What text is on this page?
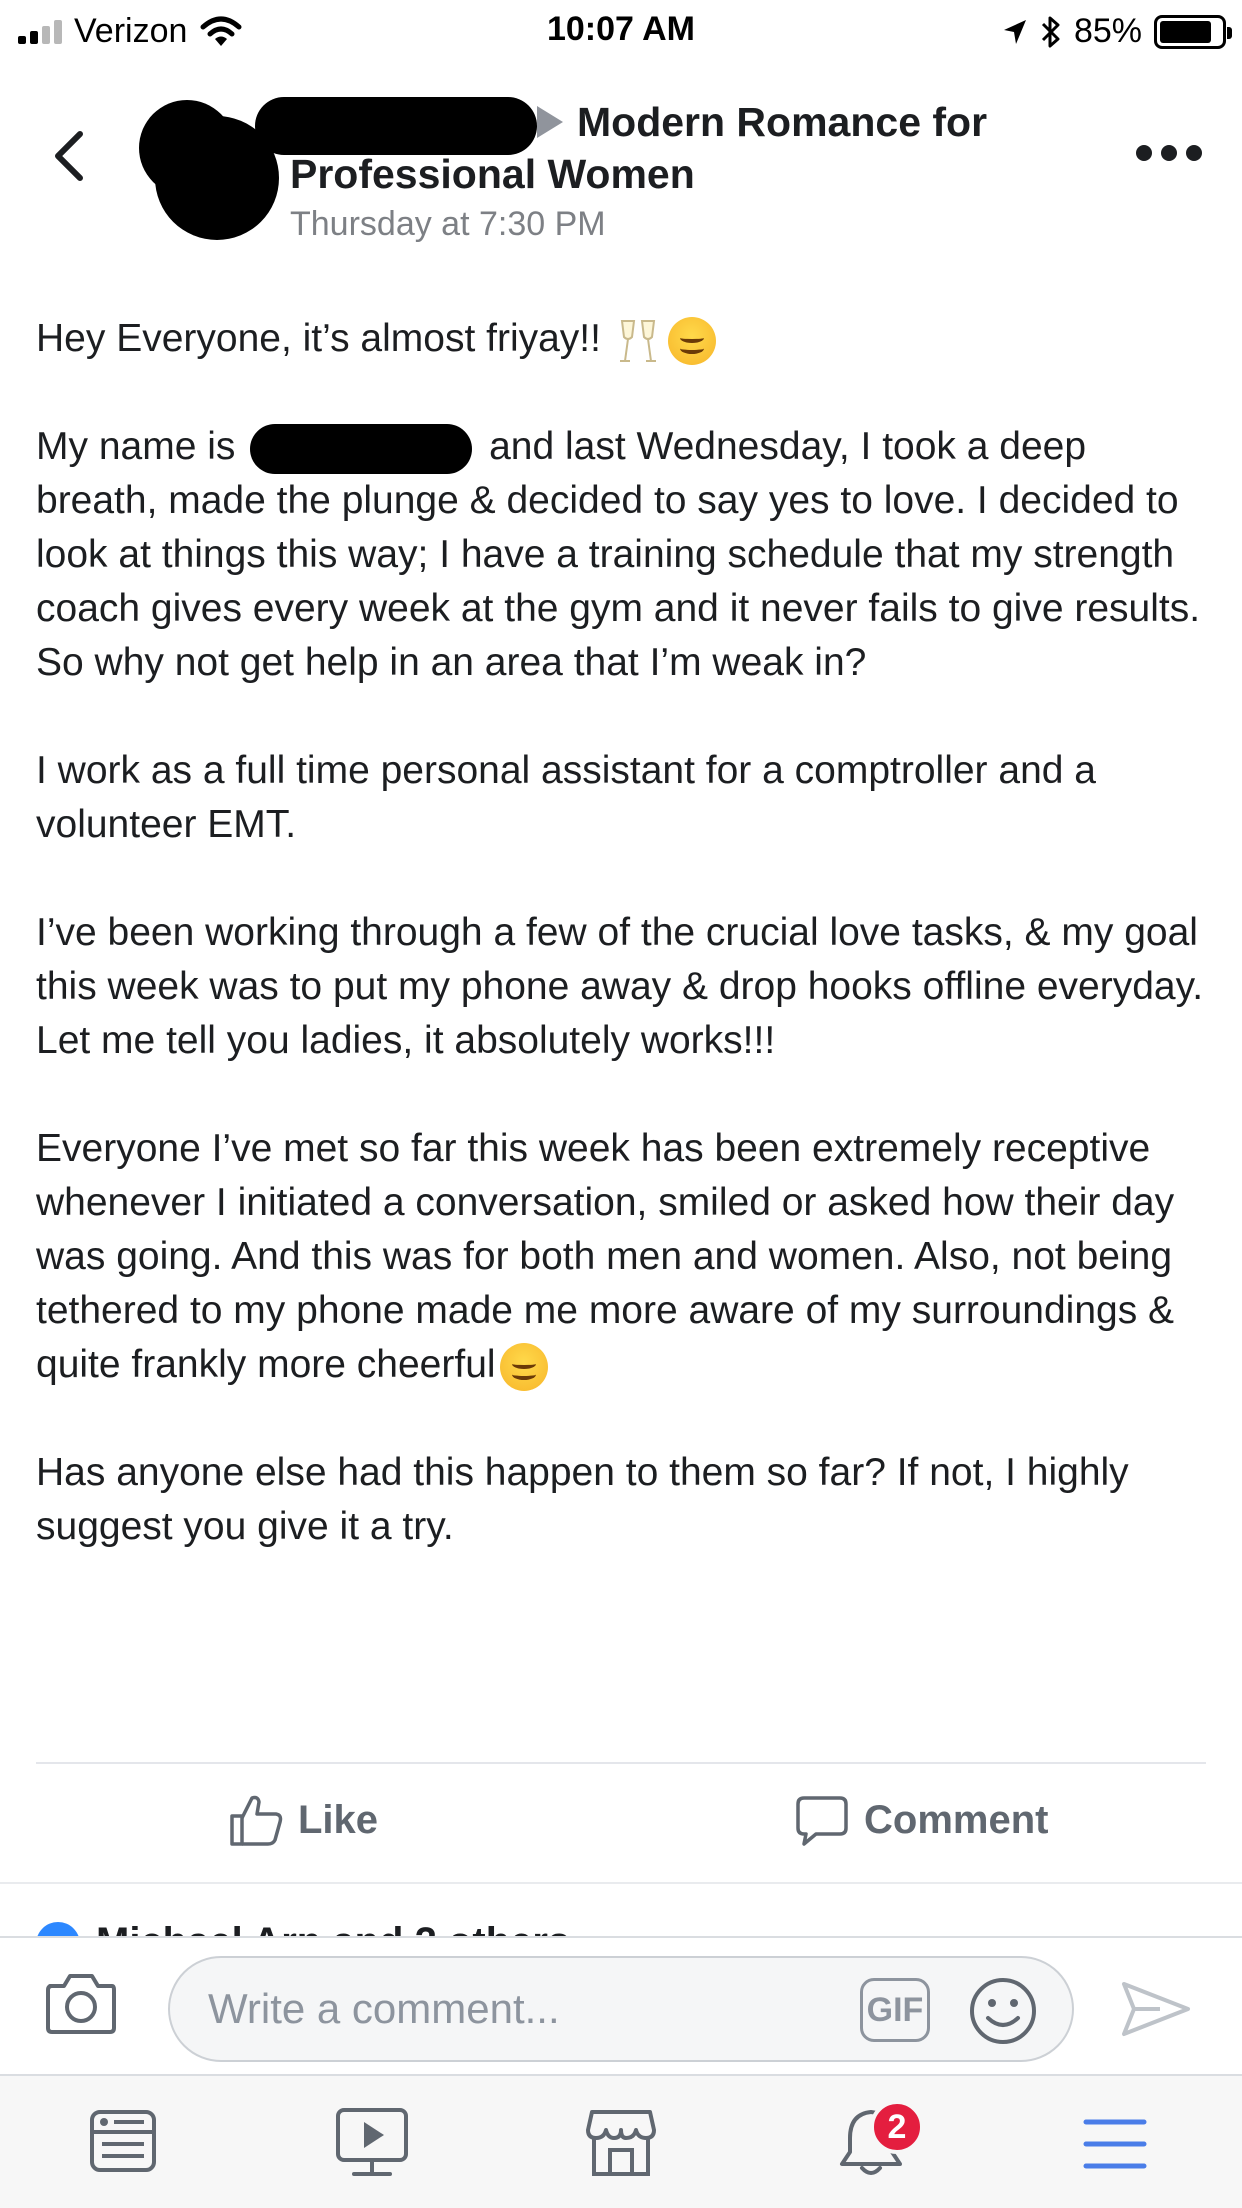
Verizon	10:07 AM	85%
Modern Romance for Professional Women
Thursday at 7:30 PM

Hey Everyone, it’s almost friyay!!

My name is	and last Wednesday, I took a deep breath, made the plunge & decided to say yes to love. I decided to look at things this way; I have a training schedule that my strength coach gives every week at the gym and it never fails to give results. So why not get help in an area that I’m weak in?

I work as a full time personal assistant for a comptroller and a volunteer EMT.

I’ve been working through a few of the crucial love tasks, & my goal this week was to put my phone away & drop hooks offline everyday.

Let me tell you ladies, it absolutely works!!!

Everyone I’ve met so far this week has been extremely receptive whenever I initiated a conversation, smiled or asked how their day was going. And this was for both men and women. Also, not being tethered to my phone made me more aware of my surroundings & quite frankly more cheerful

Has anyone else had this happen to them so far? If not, I highly suggest you give it a try.

Like	Comment
Write a comment...
GIF
2
